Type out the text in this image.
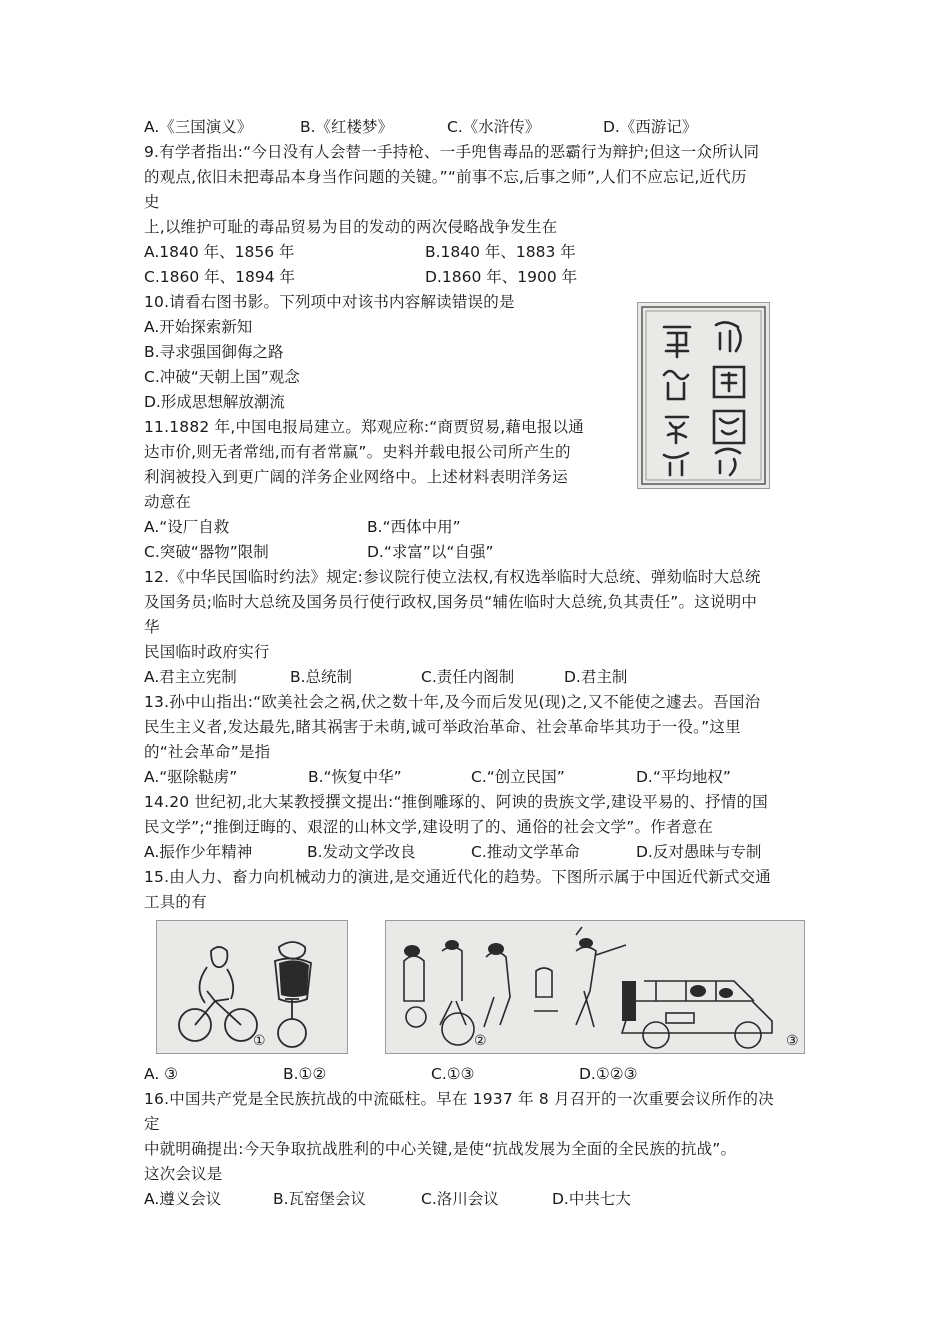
A.《三国演义》	B.《红楼梦》	C.《水浒传》	D.《西游记》
9.有学者指出:“今日没有人会替一手持枪、一手兜售毒品的恶霸行为辩护;但这一众所认同
的观点,依旧未把毒品本身当作问题的关键。”“前事不忘,后事之师”,人们不应忘记,近代历
史
上,以维护可耻的毒品贸易为目的发动的两次侵略战争发生在
A.1840 年、1856 年	B.1840 年、1883 年
C.1860 年、1894 年	D.1860 年、1900 年
10.请看右图书影。下列项中对该书内容解读错误的是
A.开始探索新知
B.寻求强国御侮之路
C.冲破“天朝上国”观念
D.形成思想解放潮流
11.1882 年,中国电报局建立。郑观应称:“商贾贸易,藉电报以通
达市价,则无者常绌,而有者常赢”。史料并载电报公司所产生的
利润被投入到更广阔的洋务企业网络中。上述材料表明洋务运
动意在
A.“设厂自救	B.“西体中用”
C.突破“器物”限制	D.“求富”以“自强”
12.《中华民国临时约法》规定:参议院行使立法权,有权选举临时大总统、弹劾临时大总统
及国务员;临时大总统及国务员行使行政权,国务员“辅佐临时大总统,负其责任”。这说明中
华
民国临时政府实行
A.君主立宪制	B.总统制	C.责任内阁制	D.君主制
13.孙中山指出:“欧美社会之祸,伏之数十年,及今而后发见(现)之,又不能使之遽去。吾国治
民生主义者,发达最先,睹其祸害于未萌,诚可举政治革命、社会革命毕其功于一役。”这里
的“社会革命”是指
A.“驱除鞑虏”	B.“恢复中华”	C.“创立民国”	D.“平均地权”
14.20 世纪初,北大某教授撰文提出:“推倒雕琢的、阿谀的贵族文学,建设平易的、抒情的国
民文学”;“推倒迂晦的、艰涩的山林文学,建设明了的、通俗的社会文学”。作者意在
A.振作少年精神	B.发动文学改良	C.推动文学革命	D.反对愚昧与专制
15.由人力、畜力向机械动力的演进,是交通近代化的趋势。下图所示属于中国近代新式交通
工具的有
①	②	③
A. ③	B.①②	C.①③	D.①②③
16.中国共产党是全民族抗战的中流砥柱。早在 1937 年 8 月召开的一次重要会议所作的决
定
中就明确提出:今天争取抗战胜利的中心关键,是使“抗战发展为全面的全民族的抗战”。
这次会议是
A.遵义会议	B.瓦窑堡会议	C.洛川会议	D.中共七大
